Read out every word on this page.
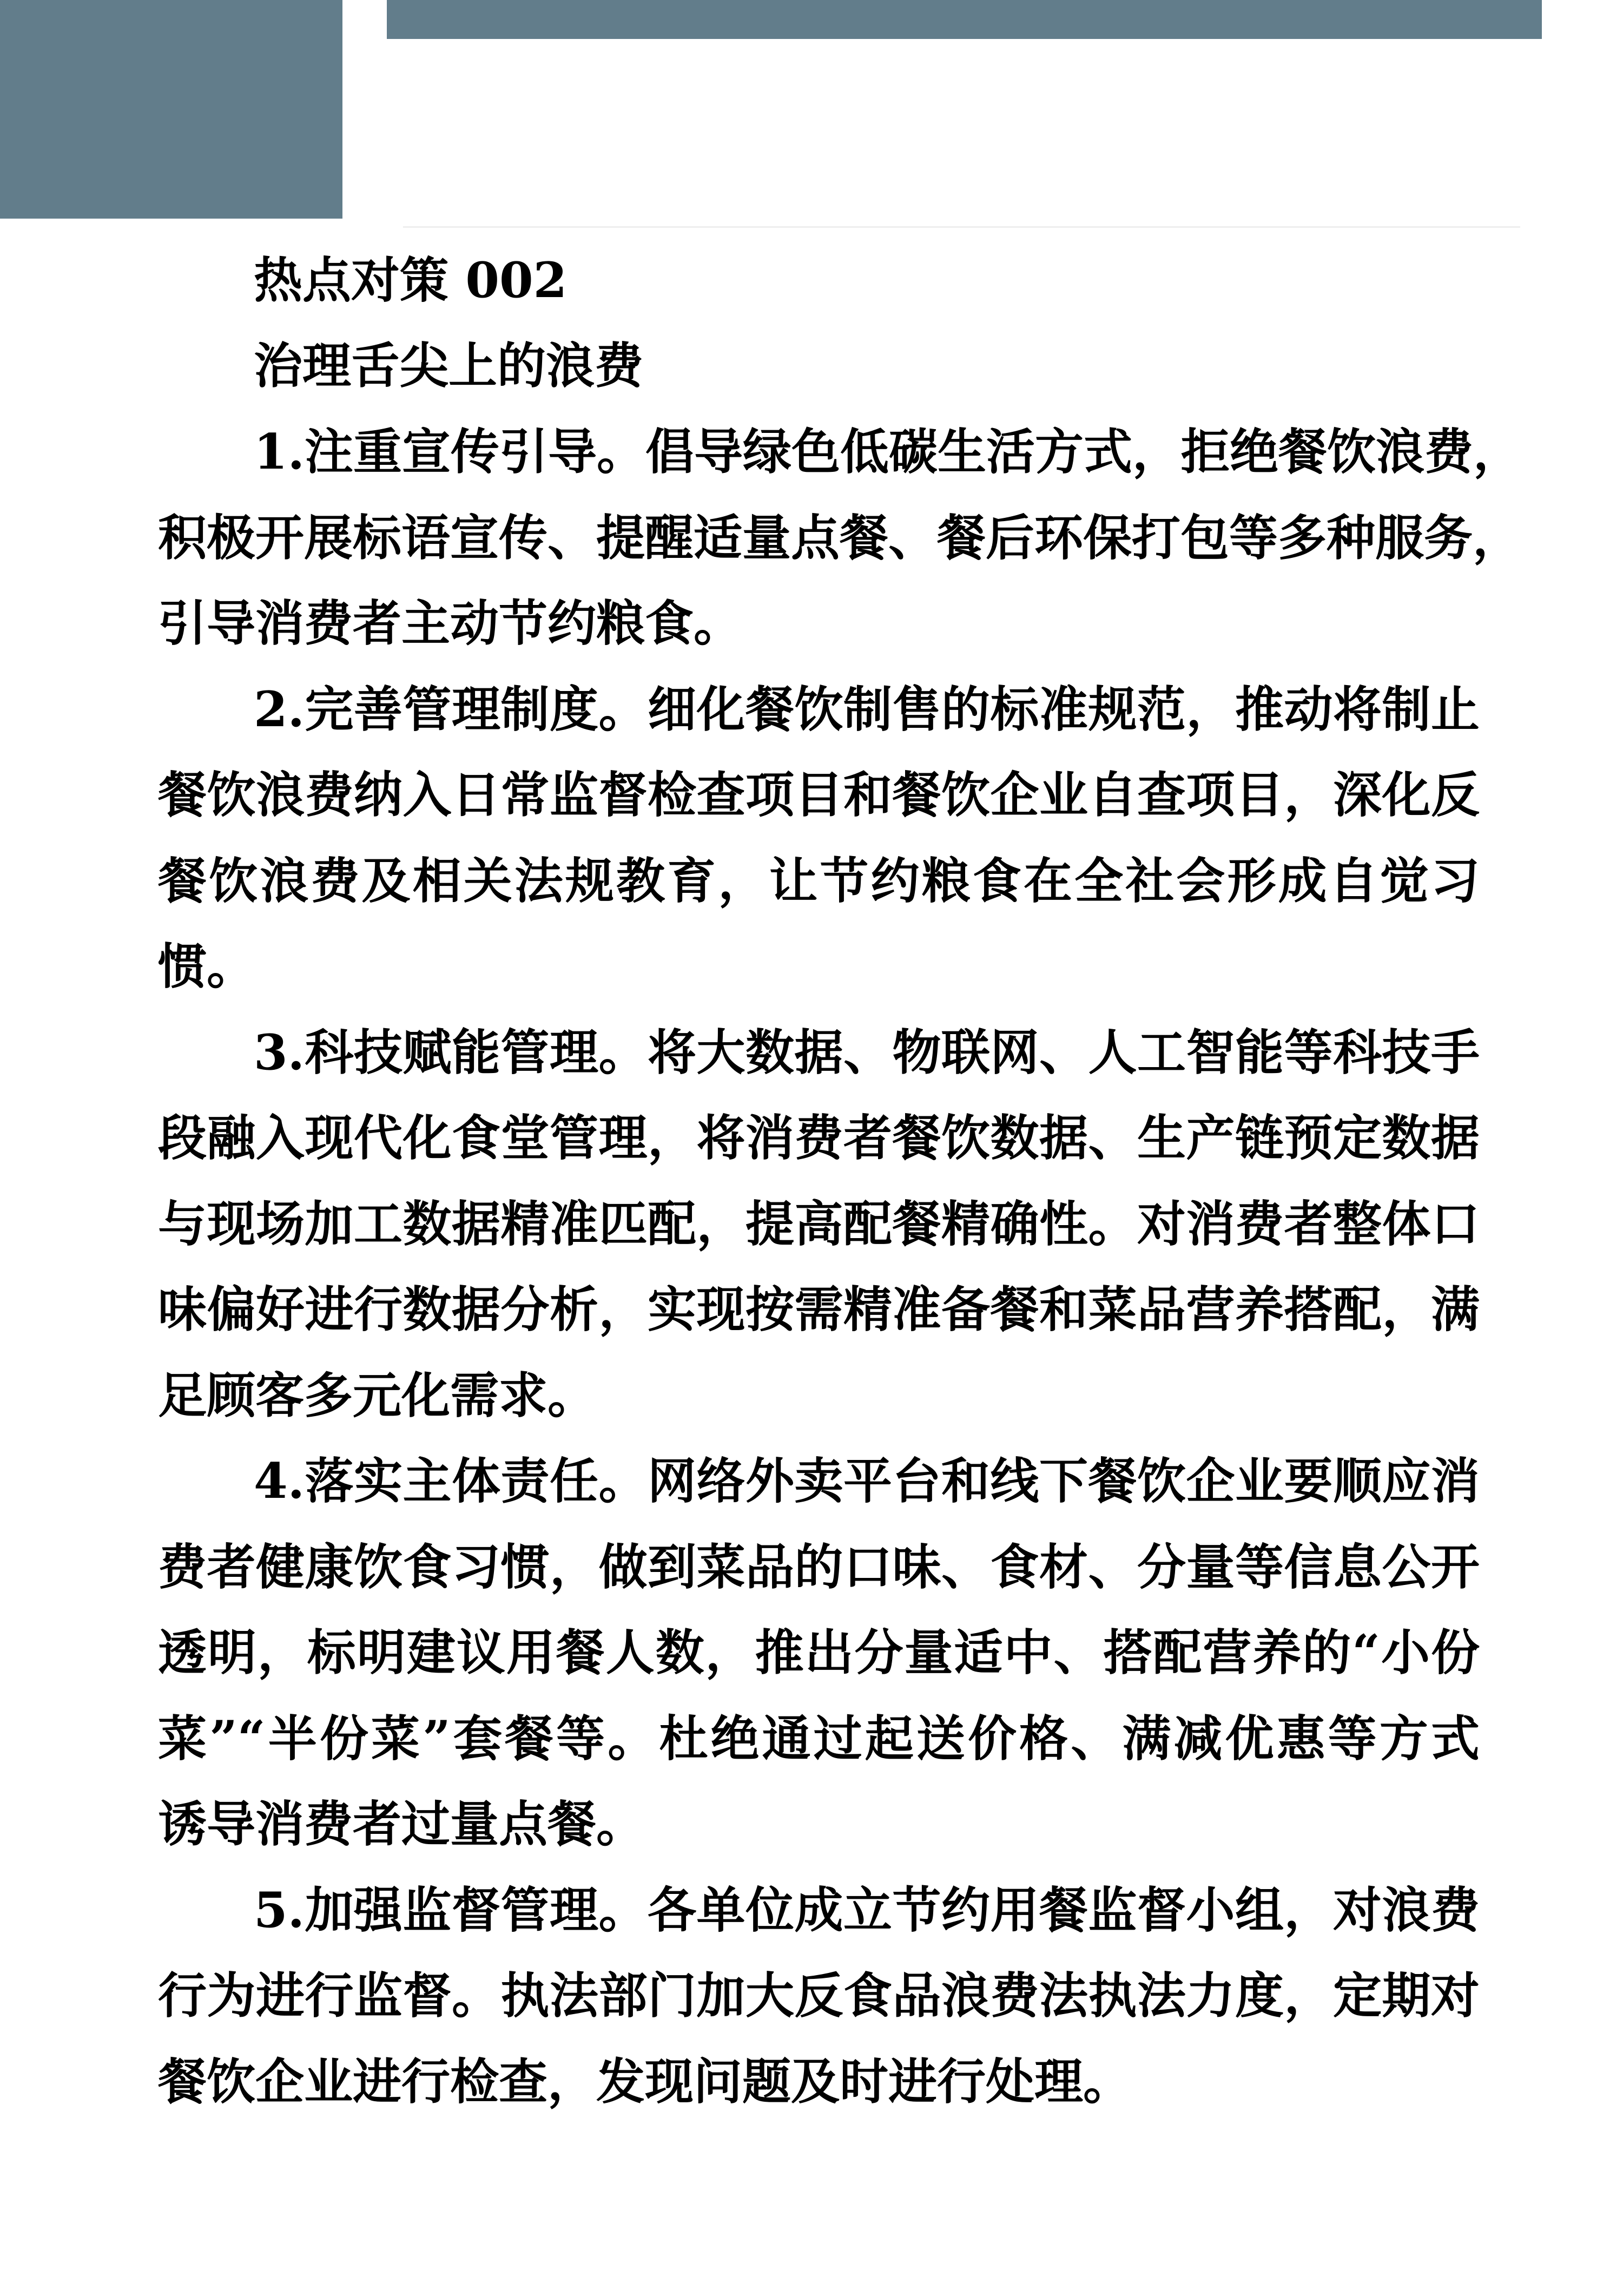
热点对策 002
治理舌尖上的浪费
1.注重宣传引导。倡导绿色低碳生活方式，拒绝餐饮浪费，
积极开展标语宣传、提醒适量点餐、餐后环保打包等多种服务，
引导消费者主动节约粮食。
2.完善管理制度。细化餐饮制售的标准规范，推动将制止
餐饮浪费纳入日常监督检查项目和餐饮企业自查项目，深化反
餐饮浪费及相关法规教育，让节约粮食在全社会形成自觉习
惯。
3.科技赋能管理。将大数据、物联网、人工智能等科技手
段融入现代化食堂管理，将消费者餐饮数据、生产链预定数据
与现场加工数据精准匹配，提高配餐精确性。对消费者整体口
味偏好进行数据分析，实现按需精准备餐和菜品营养搭配，满
足顾客多元化需求。
4.落实主体责任。网络外卖平台和线下餐饮企业要顺应消
费者健康饮食习惯，做到菜品的口味、食材、分量等信息公开
透明，标明建议用餐人数，推出分量适中、搭配营养的“小份
菜”“半份菜”套餐等。杜绝通过起送价格、满减优惠等方式
诱导消费者过量点餐。
5.加强监督管理。各单位成立节约用餐监督小组，对浪费
行为进行监督。执法部门加大反食品浪费法执法力度，定期对
餐饮企业进行检查，发现问题及时进行处理。
